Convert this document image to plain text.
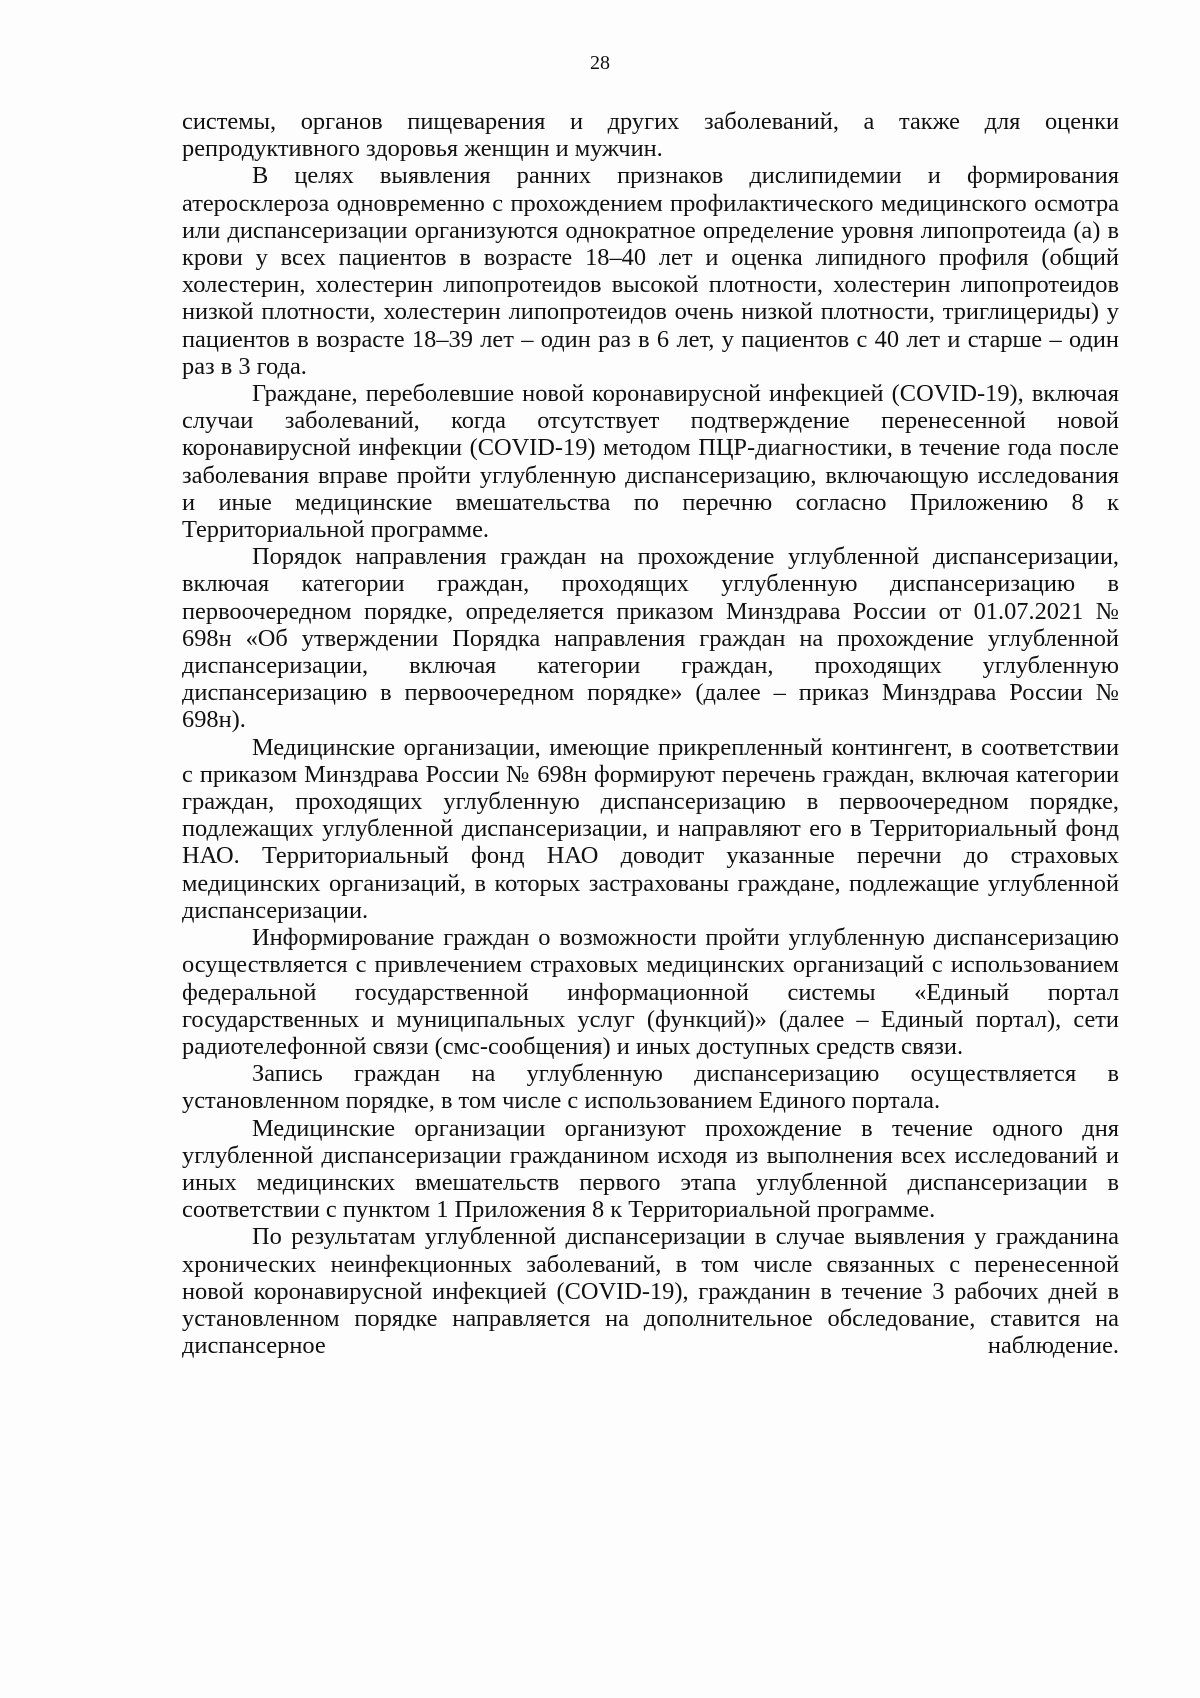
28

системы, органов пищеварения и других заболеваний, а также для оценки репродуктивного здоровья женщин и мужчин.

В целях выявления ранних признаков дислипидемии и формирования атеросклероза одновременно с прохождением профилактического медицинского осмотра или диспансеризации организуются однократное определение уровня липопротеида (а) в крови у всех пациентов в возрасте 18–40 лет и оценка липидного профиля (общий холестерин, холестерин липопротеидов высокой плотности, холестерин липопротеидов низкой плотности, холестерин липопротеидов очень низкой плотности, триглицериды) у пациентов в возрасте 18–39 лет – один раз в 6 лет, у пациентов с 40 лет и старше – один раз в 3 года.

Граждане, переболевшие новой коронавирусной инфекцией (COVID-19), включая случаи заболеваний, когда отсутствует подтверждение перенесенной новой коронавирусной инфекции (COVID-19) методом ПЦР-диагностики, в течение года после заболевания вправе пройти углубленную диспансеризацию, включающую исследования и иные медицинские вмешательства по перечню согласно Приложению 8 к Территориальной программе.

Порядок направления граждан на прохождение углубленной диспансеризации, включая категории граждан, проходящих углубленную диспансеризацию в первоочередном порядке, определяется приказом Минздрава России от 01.07.2021 № 698н «Об утверждении Порядка направления граждан на прохождение углубленной диспансеризации, включая категории граждан, проходящих углубленную диспансеризацию в первоочередном порядке» (далее – приказ Минздрава России № 698н).

Медицинские организации, имеющие прикрепленный контингент, в соответствии с приказом Минздрава России № 698н формируют перечень граждан, включая категории граждан, проходящих углубленную диспансеризацию в первоочередном порядке, подлежащих углубленной диспансеризации, и направляют его в Территориальный фонд НАО. Территориальный фонд НАО доводит указанные перечни до страховых медицинских организаций, в которых застрахованы граждане, подлежащие углубленной диспансеризации.

Информирование граждан о возможности пройти углубленную диспансеризацию осуществляется с привлечением страховых медицинских организаций с использованием федеральной государственной информационной системы «Единый портал государственных и муниципальных услуг (функций)» (далее – Единый портал), сети радиотелефонной связи (смс-сообщения) и иных доступных средств связи.

Запись граждан на углубленную диспансеризацию осуществляется в установленном порядке, в том числе с использованием Единого портала.

Медицинские организации организуют прохождение в течение одного дня углубленной диспансеризации гражданином исходя из выполнения всех исследований и иных медицинских вмешательств первого этапа углубленной диспансеризации в соответствии с пунктом 1 Приложения 8 к Территориальной программе.

По результатам углубленной диспансеризации в случае выявления у гражданина хронических неинфекционных заболеваний, в том числе связанных с перенесенной новой коронавирусной инфекцией (COVID-19), гражданин в течение 3 рабочих дней в установленном порядке направляется на дополнительное обследование, ставится на диспансерное наблюдение.
